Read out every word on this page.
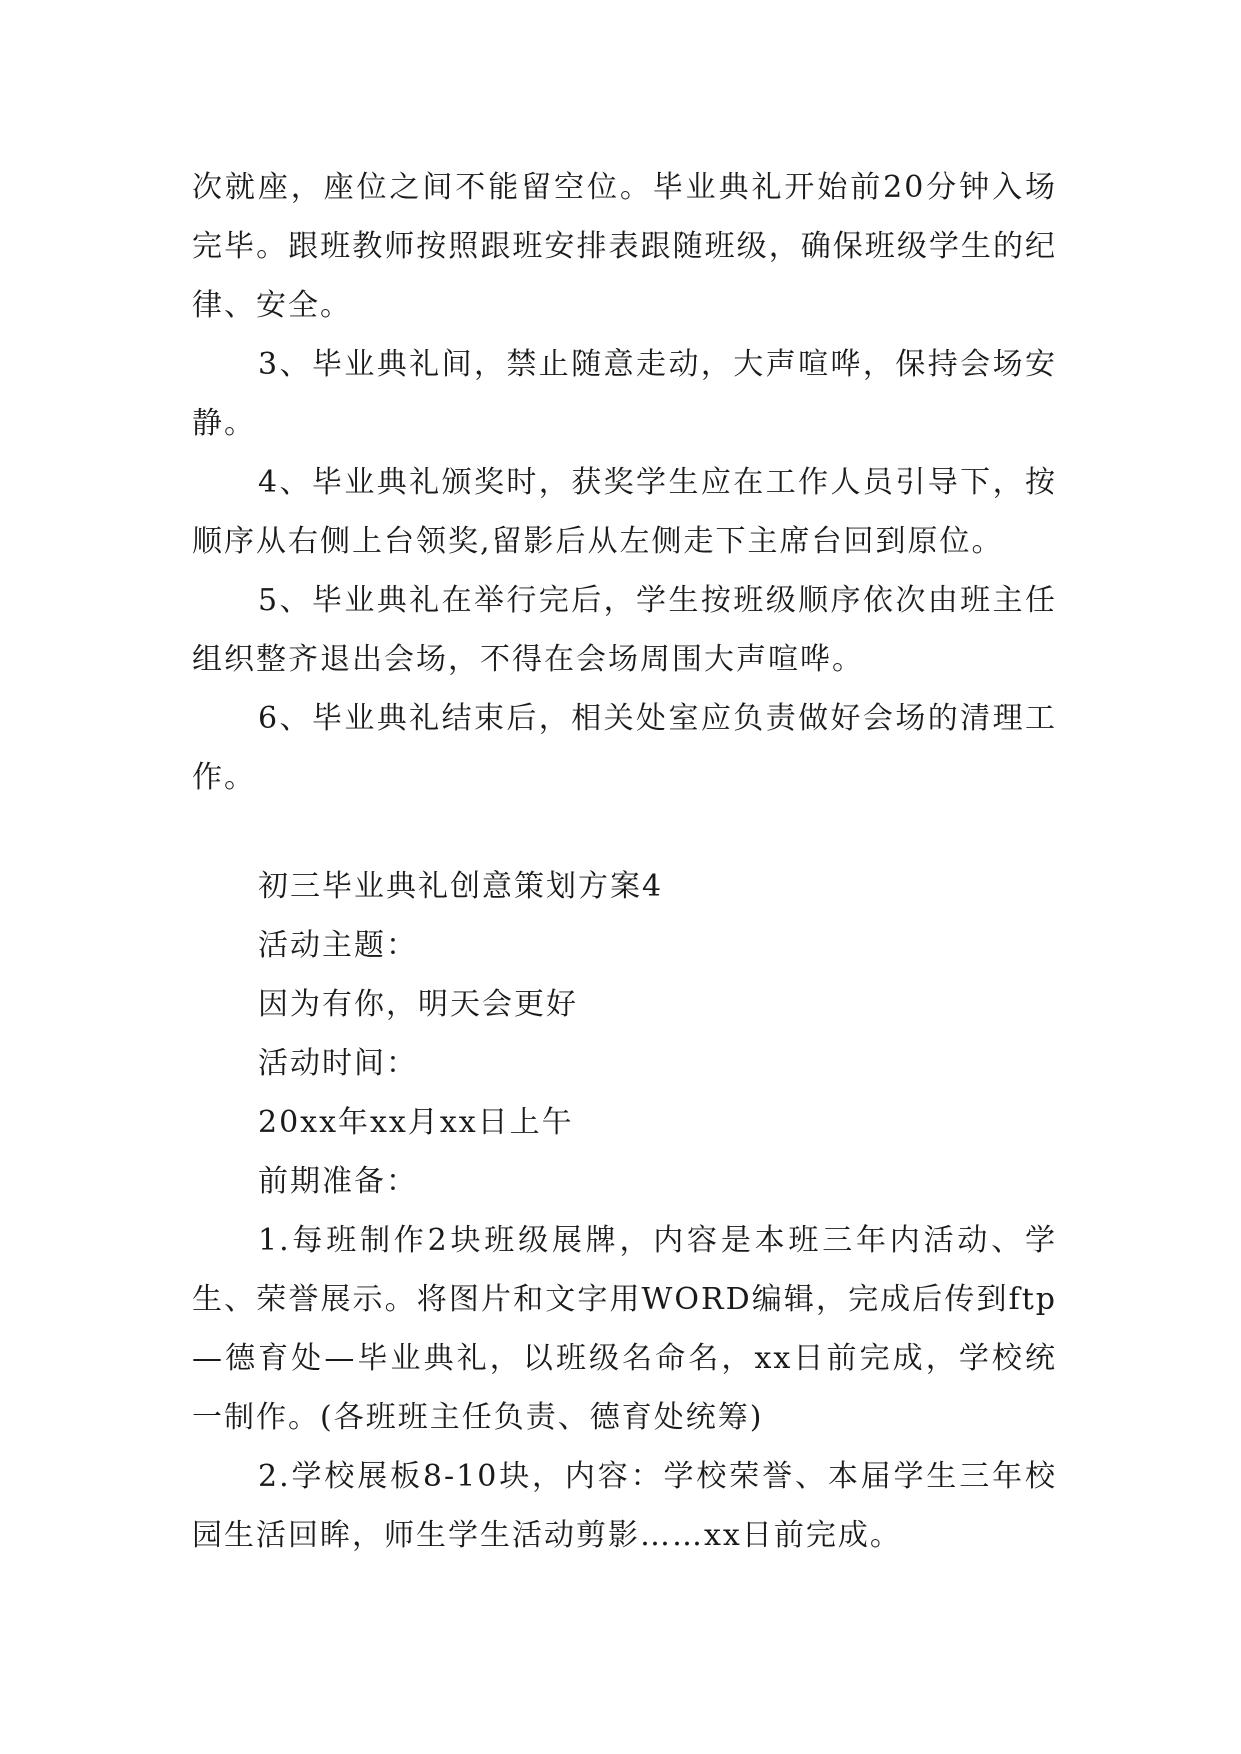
次就座，座位之间不能留空位。毕业典礼开始前20分钟入场完毕。跟班教师按照跟班安排表跟随班级，确保班级学生的纪律、安全。

3、毕业典礼间，禁止随意走动，大声喧哗，保持会场安静。

4、毕业典礼颁奖时，获奖学生应在工作人员引导下，按顺序从右侧上台领奖,留影后从左侧走下主席台回到原位。

5、毕业典礼在举行完后，学生按班级顺序依次由班主任组织整齐退出会场，不得在会场周围大声喧哗。

6、毕业典礼结束后，相关处室应负责做好会场的清理工作。

初三毕业典礼创意策划方案4

活动主题：

因为有你，明天会更好

活动时间：

20xx年xx月xx日上午

前期准备：

1.每班制作2块班级展牌，内容是本班三年内活动、学生、荣誉展示。将图片和文字用WORD编辑，完成后传到ftp—德育处—毕业典礼，以班级名命名，xx日前完成，学校统一制作。(各班班主任负责、德育处统筹)

2.学校展板8-10块，内容：学校荣誉、本届学生三年校园生活回眸，师生学生活动剪影……xx日前完成。
